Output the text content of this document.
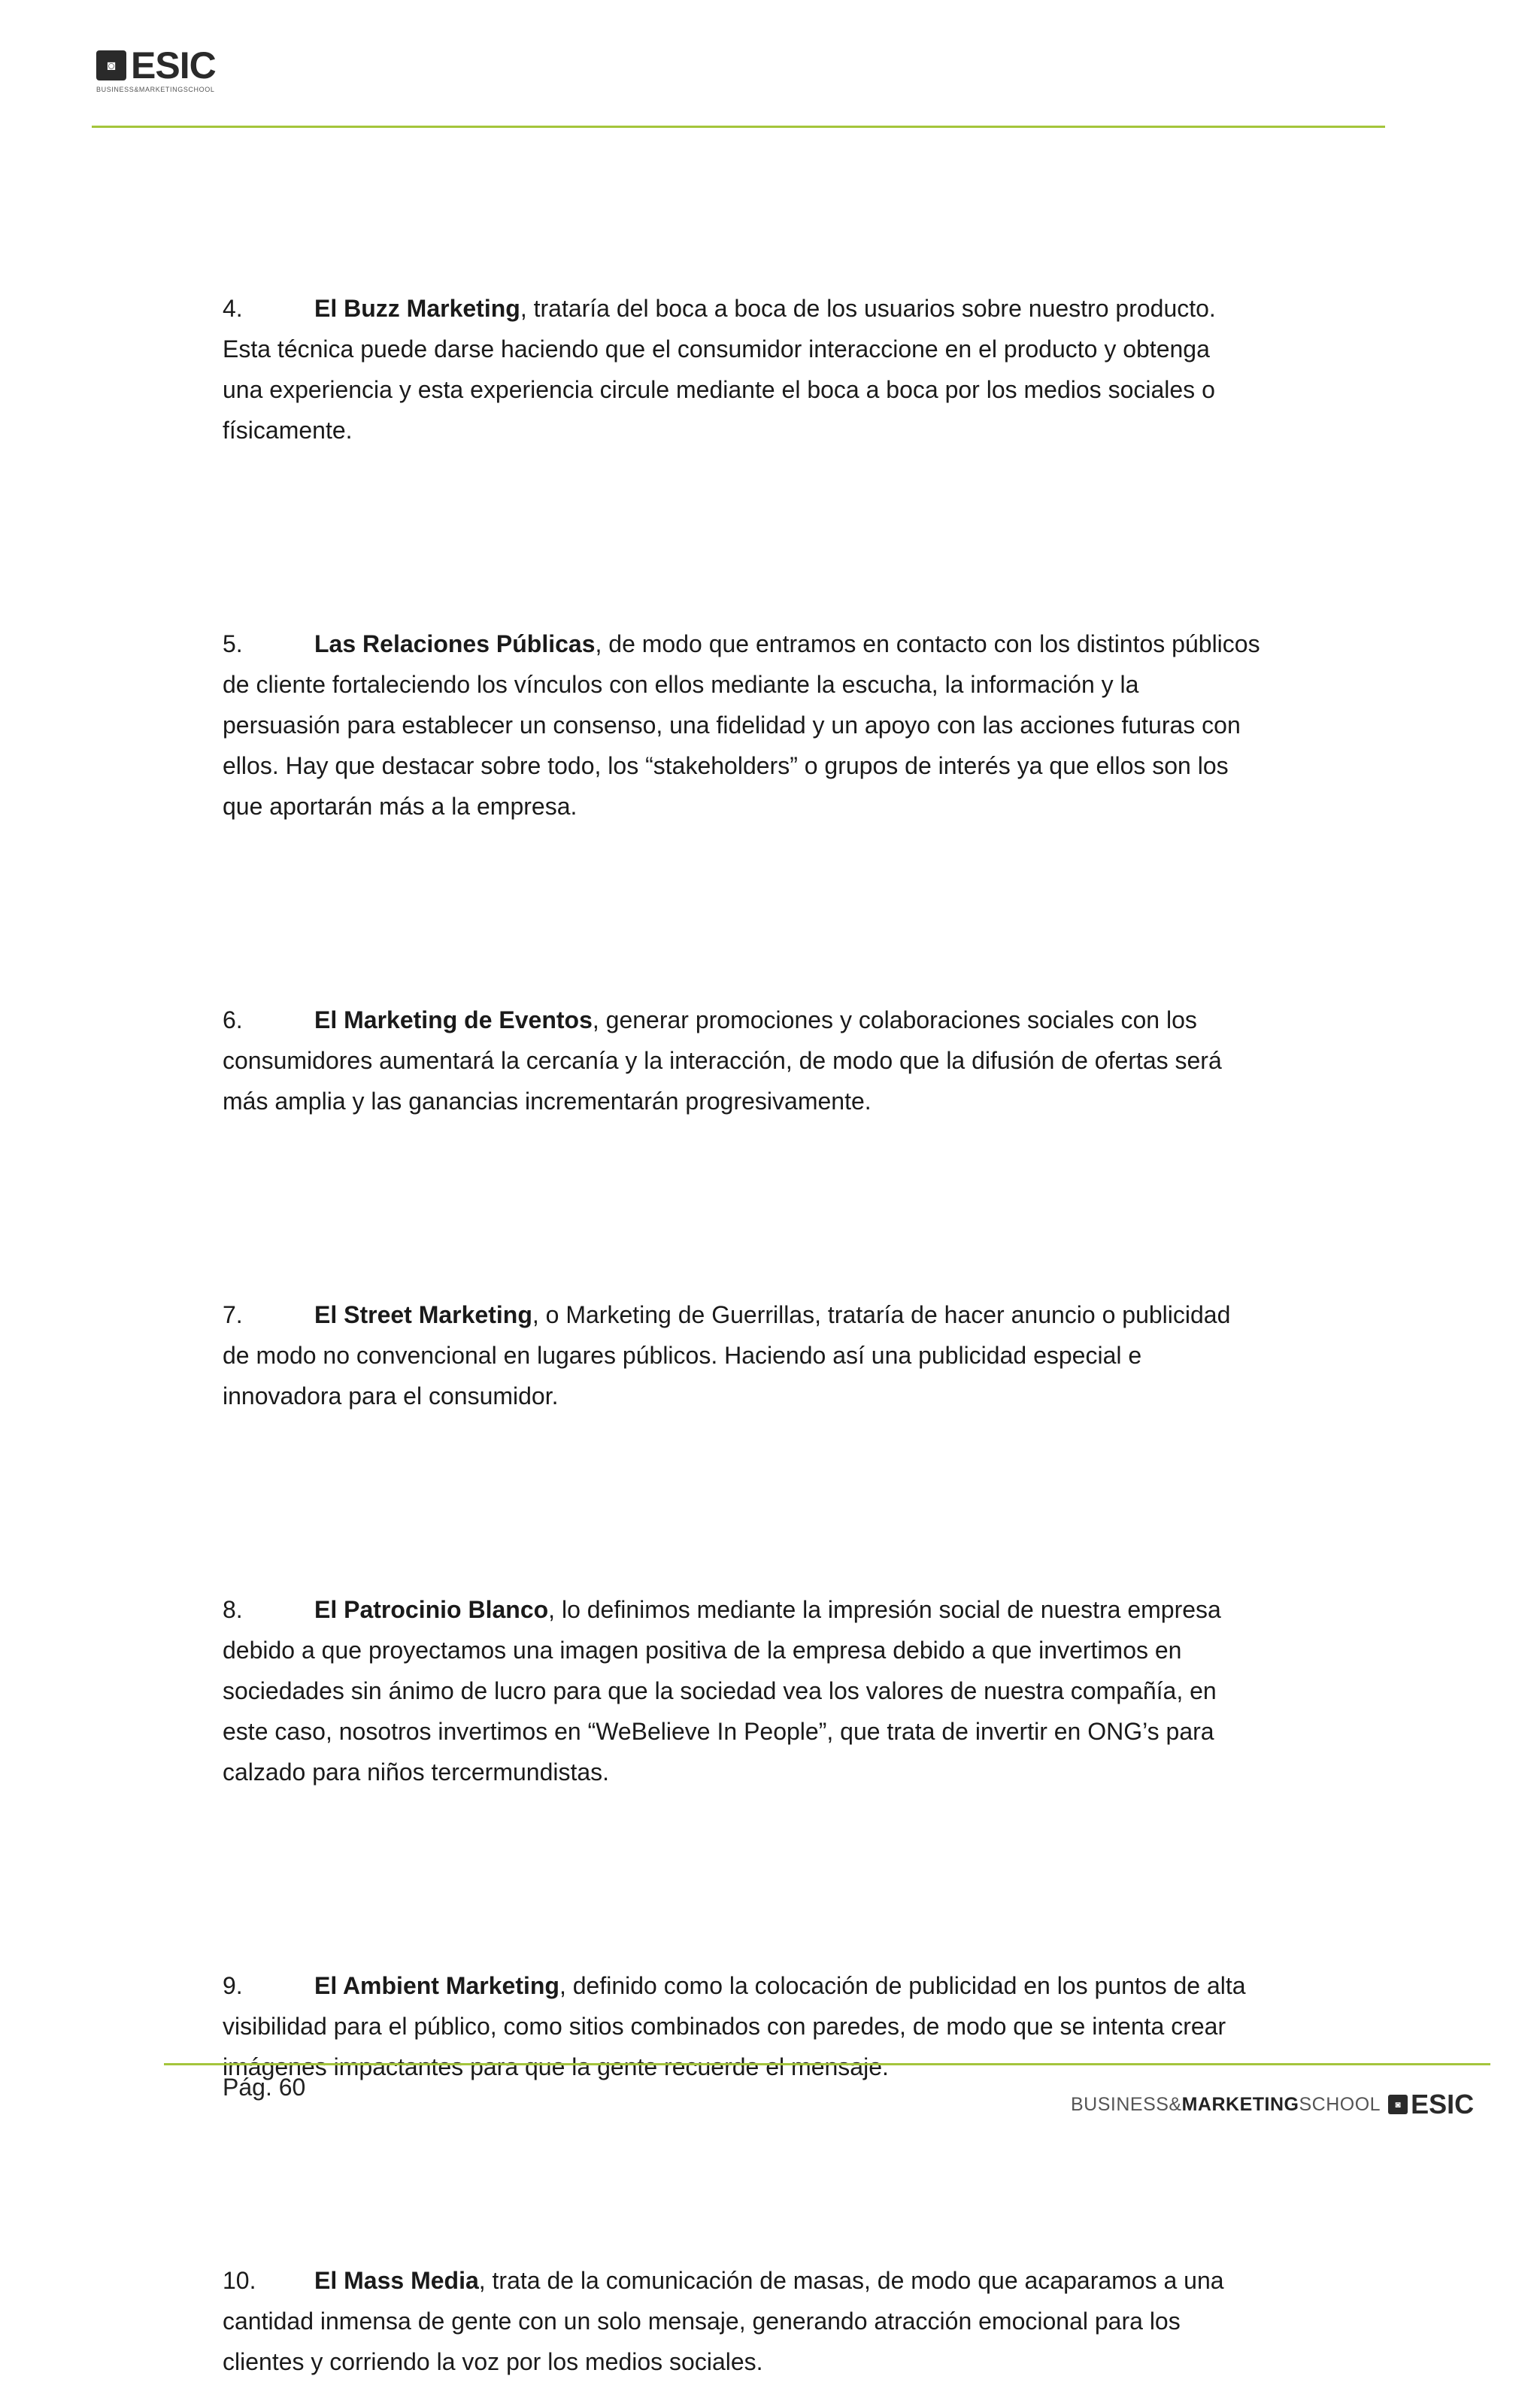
◙ ESIC
BUSINESS&MARKETINGSCHOOL

4.	El Buzz Marketing, trataría del boca a boca de los usuarios sobre nuestro producto.

Esta técnica puede darse haciendo que el consumidor interaccione en el producto y obtenga

una experiencia y esta experiencia circule mediante el boca a boca por los medios sociales o

físicamente.

5.	Las Relaciones Públicas, de modo que entramos en contacto con los distintos públicos

de cliente fortaleciendo los vínculos con ellos mediante la escucha, la información y la

persuasión para establecer un consenso, una fidelidad y un apoyo con las acciones futuras con

ellos. Hay que destacar sobre todo, los “stakeholders” o grupos de interés ya que ellos son los

que aportarán más a la empresa.

6.	El Marketing de Eventos, generar promociones y colaboraciones sociales con los

consumidores aumentará la cercanía y la interacción, de modo que la difusión de ofertas será

más amplia y las ganancias incrementarán progresivamente.

7.	El Street Marketing, o Marketing de Guerrillas, trataría de hacer anuncio o publicidad

de modo no convencional en lugares públicos. Haciendo así una publicidad especial e

innovadora para el consumidor.

8.	El Patrocinio Blanco, lo definimos mediante la impresión social de nuestra empresa

debido a que proyectamos una imagen positiva de la empresa debido a que invertimos en

sociedades sin ánimo de lucro para que la sociedad vea los valores de nuestra compañía, en

este caso, nosotros invertimos en “WeBelieve In People”, que trata de invertir en ONG’s para

calzado para niños tercermundistas.

9.	El Ambient Marketing, definido como la colocación de publicidad en los puntos de alta

visibilidad para el público, como sitios combinados con paredes, de modo que se intenta crear

imágenes impactantes para que la gente recuerde el mensaje.

10. El Mass Media, trata de la comunicación de masas, de modo que acaparamos a una

cantidad inmensa de gente con un solo mensaje, generando atracción emocional para los

clientes y corriendo la voz por los medios sociales.

Pág. 60
BUSINESS&MARKETINGSCHOOL	◙ ESIC
